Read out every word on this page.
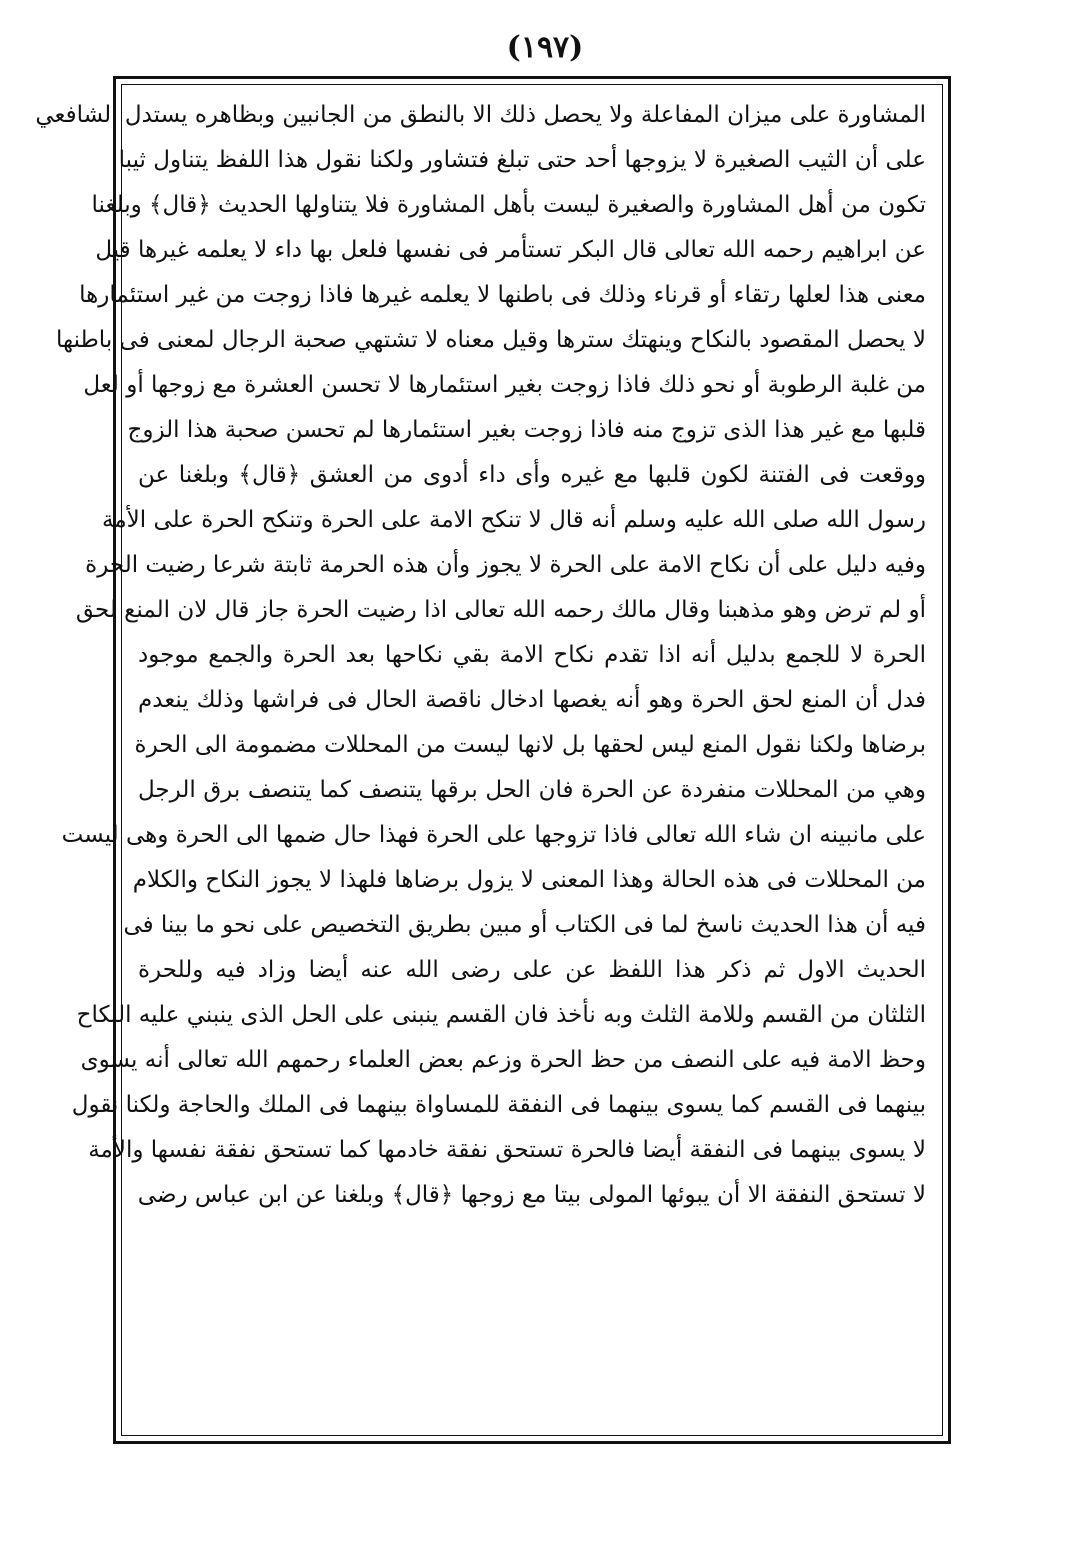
(١٩٧)
المشاورة على ميزان المفاعلة ولا يحصل ذلك الا بالنطق من الجانبين وبظاهره يستدل الشافعي
على أن الثيب الصغيرة لا يزوجها أحد حتى تبلغ فتشاور ولكنا نقول هذا اللفظ يتناول ثيبا
تكون من أهل المشاورة والصغيرة ليست بأهل المشاورة فلا يتناولها الحديث ﴿قال﴾ وبلغنا
عن ابراهيم رحمه الله تعالى قال البكر تستأمر فى نفسها فلعل بها داء لا يعلمه غيرها قيل
معنى هذا لعلها رتقاء أو قرناء وذلك فى باطنها لا يعلمه غيرها فاذا زوجت من غير استئمارها
لا يحصل المقصود بالنكاح وينهتك سترها وقيل معناه لا تشتهي صحبة الرجال لمعنى فى باطنها
من غلبة الرطوبة أو نحو ذلك فاذا زوجت بغير استئمارها لا تحسن العشرة مع زوجها أو لعل
قلبها مع غير هذا الذى تزوج منه فاذا زوجت بغير استئمارها لم تحسن صحبة هذا الزوج
ووقعت فى الفتنة لكون قلبها مع غيره وأى داء أدوى من العشق ﴿قال﴾ وبلغنا عن
رسول الله صلى الله عليه وسلم أنه قال لا تنكح الامة على الحرة وتنكح الحرة على الأمة
وفيه دليل على أن نكاح الامة على الحرة لا يجوز وأن هذه الحرمة ثابتة شرعا رضيت الحرة
أو لم ترض وهو مذهبنا وقال مالك رحمه الله تعالى اذا رضيت الحرة جاز قال لان المنع لحق
الحرة لا للجمع بدليل أنه اذا تقدم نكاح الامة بقي نكاحها بعد الحرة والجمع موجود
فدل أن المنع لحق الحرة وهو أنه يغصها ادخال ناقصة الحال فى فراشها وذلك ينعدم
برضاها ولكنا نقول المنع ليس لحقها بل لانها ليست من المحللات مضمومة الى الحرة
وهي من المحللات منفردة عن الحرة فان الحل برقها يتنصف كما يتنصف برق الرجل
على مانبينه ان شاء الله تعالى فاذا تزوجها على الحرة فهذا حال ضمها الى الحرة وهى ليست
من المحللات فى هذه الحالة وهذا المعنى لا يزول برضاها فلهذا لا يجوز النكاح والكلام
فيه أن هذا الحديث ناسخ لما فى الكتاب أو مبين بطريق التخصيص على نحو ما بينا فى
الحديث الاول ثم ذكر هذا اللفظ عن على رضى الله عنه أيضا وزاد فيه وللحرة
الثلثان من القسم وللامة الثلث وبه نأخذ فان القسم ينبنى على الحل الذى ينبني عليه النكاح
وحظ الامة فيه على النصف من حظ الحرة وزعم بعض العلماء رحمهم الله تعالى أنه يسوى
بينهما فى القسم كما يسوى بينهما فى النفقة للمساواة بينهما فى الملك والحاجة ولكنا نقول
لا يسوى بينهما فى النفقة أيضا فالحرة تستحق نفقة خادمها كما تستحق نفقة نفسها والأمة
لا تستحق النفقة الا أن يبوئها المولى بيتا مع زوجها ﴿قال﴾ وبلغنا عن ابن عباس رضى
